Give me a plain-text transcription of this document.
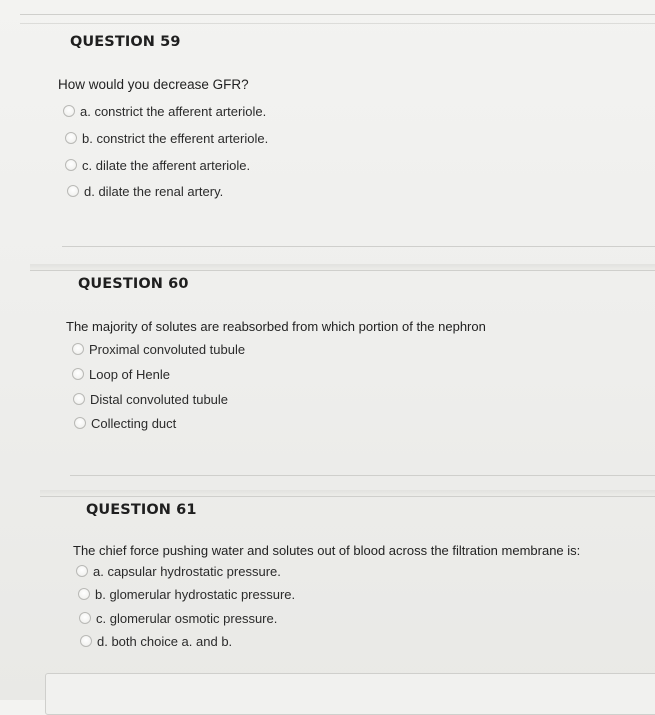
QUESTION 59
How would you decrease GFR?
a. constrict the afferent arteriole.
b. constrict the efferent arteriole.
c. dilate the afferent arteriole.
d. dilate the renal artery.
QUESTION 60
The majority of solutes are reabsorbed from which portion of the nephron
Proximal convoluted tubule
Loop of Henle
Distal convoluted tubule
Collecting duct
QUESTION 61
The chief force pushing water and solutes out of blood across the filtration membrane is:
a. capsular hydrostatic pressure.
b. glomerular hydrostatic pressure.
c. glomerular osmotic pressure.
d. both choice a. and b.
